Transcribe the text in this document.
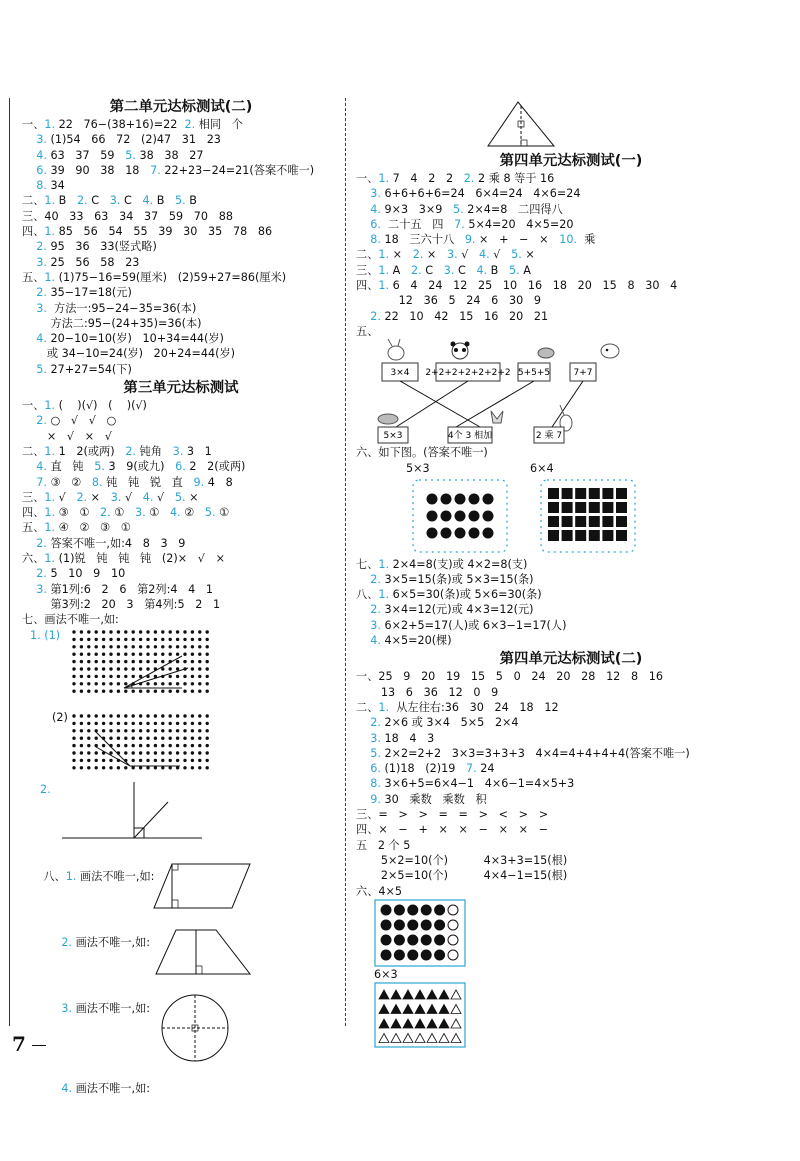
第二单元达标测试(二)
一、1. 22   76−(38+16)=22  2. 相同   个
3. (1)54   66   72   (2)47   31   23
4. 63   37   59   5. 38   38   27
6. 39   90   38   18   7. 22+23−24=21(答案不唯一)
8. 34
二、1. B   2. C   3. C   4. B   5. B
三、40   33   63   34   37   59   70   88
四、1. 85   56   54   55   39   30   35   78   86
2. 95   36   33(竖式略)
3. 25   56   58   23
五、1. (1)75−16=59(厘米)   (2)59+27=86(厘米)
2. 35−17=18(元)
3.  方法一:95−24−35=36(本)
方法二:95−(24+35)=36(本)
4. 20−10=10(岁)   10+34=44(岁)
或 34−10=24(岁)   20+24=44(岁)
5. 27+27=54(下)
第三单元达标测试
一、1. (    )(√)   (    )(√)
2. ○   √   √   ○
×   √   ×   √
二、1. 1   2(或两)   2. 钝角   3. 3   1
4. 直   钝   5. 3   9(或九)   6. 2   2(或两)
7. ③   ②   8. 钝   钝   锐   直   9. 4   8
三、1. √   2. ×   3. √   4. √   5. ×
四、1. ③   ①   2. ①   3. ①   4. ②   5. ①
五、1. ④   ②   ③   ①
2. 答案不唯一,如:4   8   3   9
六、1. (1)锐   钝   钝   钝   (2)×   √   ×
2. 5   10   9   10
3. 第1列:6   2   6   第2列:4   4   1
第3列:2   20   3   第4列:5   2   1
七、画法不唯一,如:
1. (1)
(2)
2.

八、1. 画法不唯一,如:

2. 画法不唯一,如:

3. 画法不唯一,如:

4. 画法不唯一,如:

第四单元达标测试(一)
一、1. 7   4   2   2   2. 2 乘 8 等于 16
3. 6+6+6+6=24   6×4=24   4×6=24
4. 9×3   3×9   5. 2×4=8   二四得八
6.  二十五   四   7. 5×4=20   4×5=20
8. 18   三六十八   9. ×   +   −   ×   10.  乘
二、1. ×   2. ×   3. √   4. √   5. ×
三、1. A   2. C   3. C   4. B   5. A
四、1. 6   4   24   12   25   10   16   18   20   15   8   30   4
12   36   5   24   6   30   9
2. 22   10   42   15   16   20   21
五、
3×4 2+2+2+2+2+2+2 5+5+5	7+7
5×3	4个 3 相加	2 乘 7
六、如下图。(答案不唯一)
5×3	6×4
七、1. 2×4=8(支)或 4×2=8(支)
2. 3×5=15(条)或 5×3=15(条)
八、1. 6×5=30(条)或 5×6=30(条)
2. 3×4=12(元)或 4×3=12(元)
3. 6×2+5=17(人)或 6×3−1=17(人)
4. 4×5=20(棵)
第四单元达标测试(二)
一、25   9   20   19   15   5   0   24   20   28   12   8   16
13   6   36   12   0   9
二、1.  从左往右:36   30   24   18   12
2. 2×6 或 3×4   5×5   2×4
3. 18   4   3
5. 2×2=2+2   3×3=3+3+3   4×4=4+4+4+4(答案不唯一)
6. (1)18   (2)19   7. 24
8. 3×6+5=6×4−1   4×6−1=4×5+3
9. 30   乘数   乘数   积
三、=   >   >   =   =   >   <   >   >
四、×   −   +   ×   ×   −   ×   ×   −
五   2 个 5
5×2=10(个)          4×3+3=15(根)
2×5=10(个)          4×4−1=15(根)
六、4×5
6×3
7
